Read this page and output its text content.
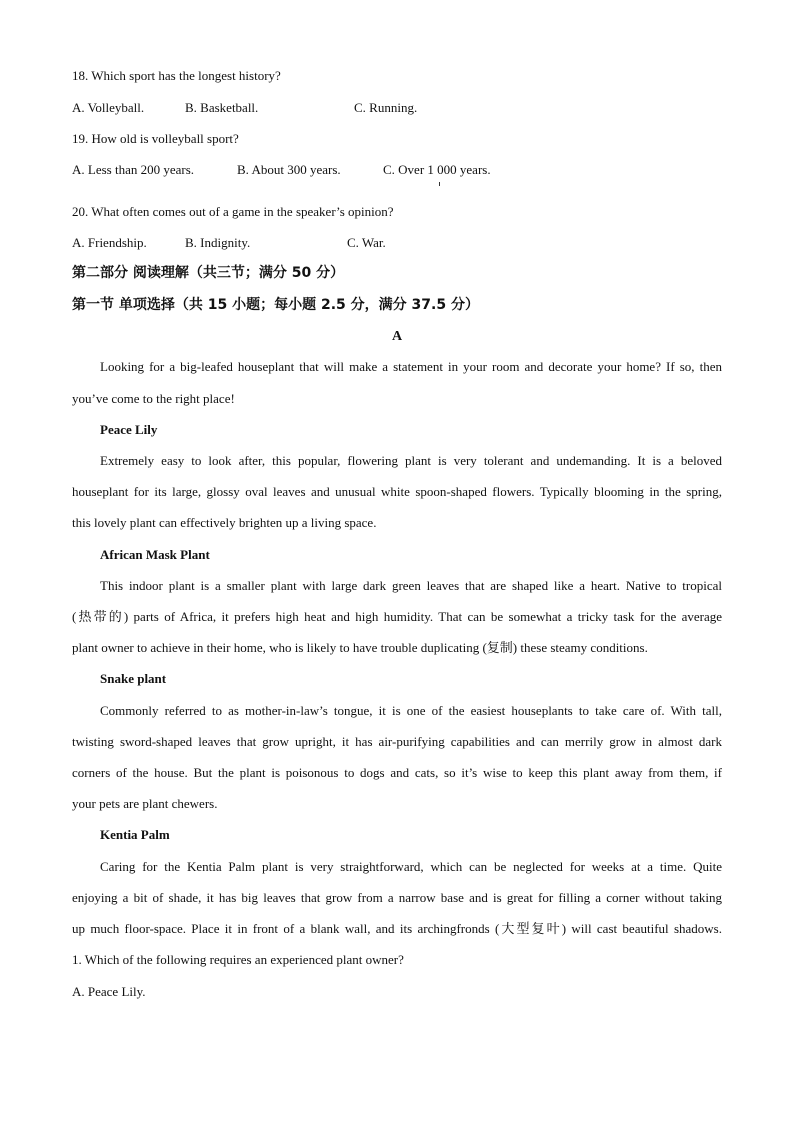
18. Which sport has the longest history?
A. Volleyball.	B. Basketball.	C. Running.
19. How old is volleyball sport?
A. Less than 200 years.	B. About 300 years.	C. Over 1 000 years.
20. What often comes out of a game in the speaker’s opinion?
A. Friendship.	B. Indignity.	C. War.
第二部分 阅读理解（共三节；满分 50 分）
第一节 单项选择（共 15 小题；每小题 2.5 分，满分 37.5 分）
A
Looking for a big-leafed houseplant that will make a statement in your room and decorate your home? If so, then
you’ve come to the right place!
Peace Lily
Extremely easy to look after, this popular, flowering plant is very tolerant and undemanding. It is a beloved
houseplant for its large, glossy oval leaves and unusual white spoon-shaped flowers. Typically blooming in the spring,
this lovely plant can effectively brighten up a living space.
African Mask Plant
This indoor plant is a smaller plant with large dark green leaves that are shaped like a heart. Native to tropical
(热带的) parts of Africa, it prefers high heat and high humidity. That can be somewhat a tricky task for the average
plant owner to achieve in their home, who is likely to have trouble duplicating (复制) these steamy conditions.
Snake plant
Commonly referred to as mother-in-law’s tongue, it is one of the easiest houseplants to take care of. With tall,
twisting sword-shaped leaves that grow upright, it has air-purifying capabilities and can merrily grow in almost dark
corners of the house. But the plant is poisonous to dogs and cats, so it’s wise to keep this plant away from them, if
your pets are plant chewers.
Kentia Palm
Caring for the Kentia Palm plant is very straightforward, which can be neglected for weeks at a time. Quite
enjoying a bit of shade, it has big leaves that grow from a narrow base and is great for filling a corner without taking
up much floor-space. Place it in front of a blank wall, and its archingfronds (大型复叶) will cast beautiful shadows.
1. Which of the following requires an experienced plant owner?
A. Peace Lily.
